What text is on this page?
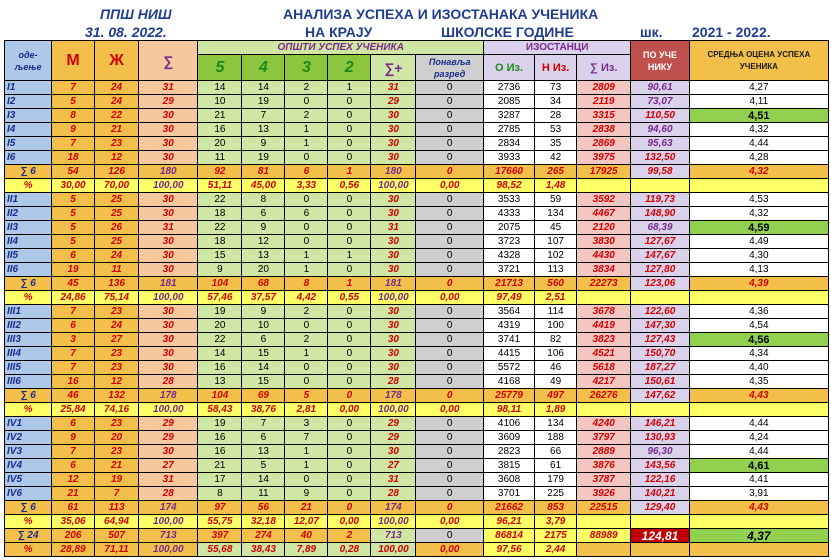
ППШ НИШ
31. 08. 2022.
АНАЛИЗА УСПЕХА И ИЗОСТАНАКА УЧЕНИКА
НА КРАЈУ	ШКОЛСКЕ ГОДИНЕ	шк. 2021 - 2022.
оде- љење	М	Ж	∑	ОПШТИ УСПЕХ УЧЕНИКА						ИЗОСТАНЦИ			ПО УЧЕ НИКУ	СРЕДЊА ОЦЕНА УСПЕХА УЧЕНИКА
				5	4	3	2	∑+	Понавља разред	О Из.	Н Из.	∑ Из.		
I1	7	24	31	14	14	2	1	31	0	2736	73	2809	90,61	4,27
I2	5	24	29	10	19	0	0	29	0	2085	34	2119	73,07	4,11
I3	8	22	30	21	7	2	0	30	0	3287	28	3315	110,50	4,51
I4	9	21	30	16	13	1	0	30	0	2785	53	2838	94,60	4,32
I5	7	23	30	20	9	1	0	30	0	2834	35	2869	95,63	4,44
I6	18	12	30	11	19	0	0	30	0	3933	42	3975	132,50	4,28
∑ 6	54	126	180	92	81	6	1	180	0	17660	265	17925	99,58	4,32
%	30,00	70,00	100,00	51,11	45,00	3,33	0,56	100,00	0,00	98,52	1,48			
II1	5	25	30	22	8	0	0	30	0	3533	59	3592	119,73	4,53
II2	5	25	30	18	6	6	0	30	0	4333	134	4467	148,90	4,32
II3	5	26	31	22	9	0	0	31	0	2075	45	2120	68,39	4,59
II4	5	25	30	18	12	0	0	30	0	3723	107	3830	127,67	4,49
II5	6	24	30	15	13	1	1	30	0	4328	102	4430	147,67	4,30
II6	19	11	30	9	20	1	0	30	0	3721	113	3834	127,80	4,13
∑ 6	45	136	181	104	68	8	1	181	0	21713	560	22273	123,06	4,39
%	24,86	75,14	100,00	57,46	37,57	4,42	0,55	100,00	0,00	97,49	2,51			
III1	7	23	30	19	9	2	0	30	0	3564	114	3678	122,60	4,36
III2	6	24	30	20	10	0	0	30	0	4319	100	4419	147,30	4,54
III3	3	27	30	22	6	2	0	30	0	3741	82	3823	127,43	4,56
III4	7	23	30	14	15	1	0	30	0	4415	106	4521	150,70	4,34
III5	7	23	30	16	14	0	0	30	0	5572	46	5618	187,27	4,40
III6	16	12	28	13	15	0	0	28	0	4168	49	4217	150,61	4,35
∑ 6	46	132	178	104	69	5	0	178	0	25779	497	26276	147,62	4,43
%	25,84	74,16	100,00	58,43	38,76	2,81	0,00	100,00	0,00	98,11	1,89			
IV1	6	23	29	19	7	3	0	29	0	4106	134	4240	146,21	4,44
IV2	9	20	29	16	6	7	0	29	0	3609	188	3797	130,93	4,24
IV3	7	23	30	16	13	1	0	30	0	2823	66	2889	96,30	4,44
IV4	6	21	27	21	5	1	0	27	0	3815	61	3876	143,56	4,61
IV5	12	19	31	17	14	0	0	31	0	3608	179	3787	122,16	4,41
IV6	21	7	28	8	11	9	0	28	0	3701	225	3926	140,21	3,91
∑ 6	61	113	174	97	56	21	0	174	0	21662	853	22515	129,40	4,43
%	35,06	64,94	100,00	55,75	32,18	12,07	0,00	100,00	0,00	96,21	3,79			
∑ 24	206	507	713	397	274	40	2	713	0	86814	2175	88989	124,81	4,37
%	28,89	71,11	100,00	55,68	38,43	7,89	0,28	100,00	0,00	97,56	2,44			
